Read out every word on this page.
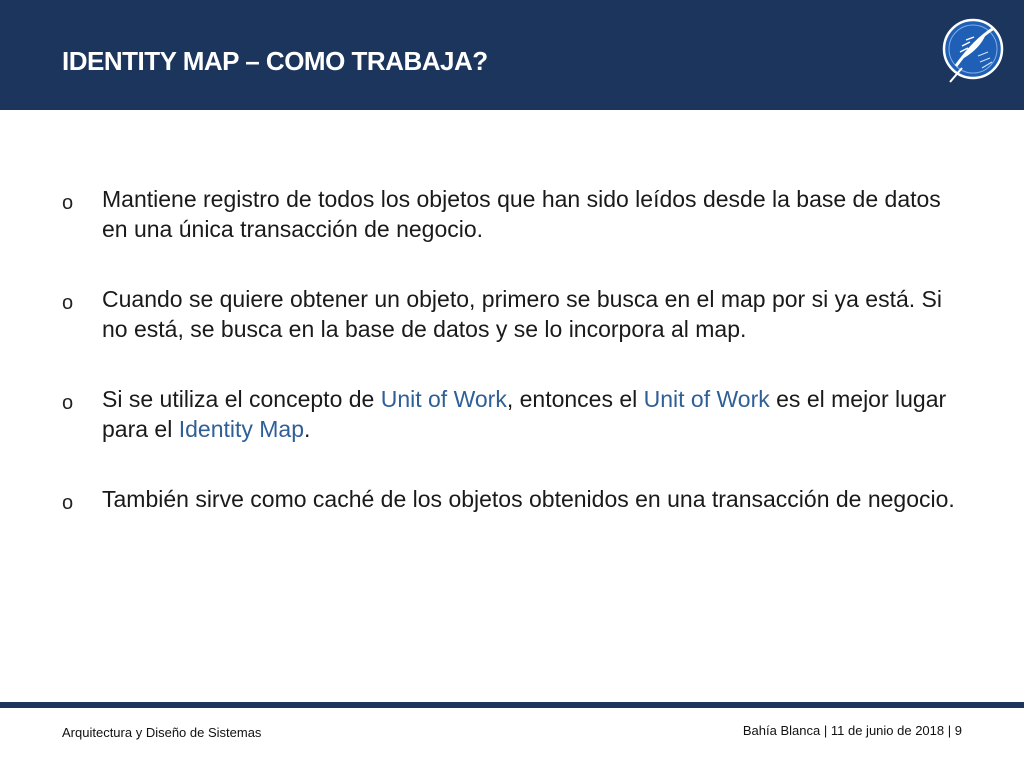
IDENTITY MAP – COMO TRABAJA?
o Mantiene registro de todos los objetos que han sido leídos desde la base de datos en una única transacción de negocio.
o Cuando se quiere obtener un objeto, primero se busca en el map por si ya está. Si no está, se busca en la base de datos y se lo incorpora al map.
o Si se utiliza el concepto de Unit of Work, entonces el Unit of Work es el mejor lugar para el Identity Map.
o También sirve como caché de los objetos obtenidos en una transacción de negocio.
Arquitectura y Diseño de Sistemas	Bahía Blanca | 11 de junio de 2018 | 9
